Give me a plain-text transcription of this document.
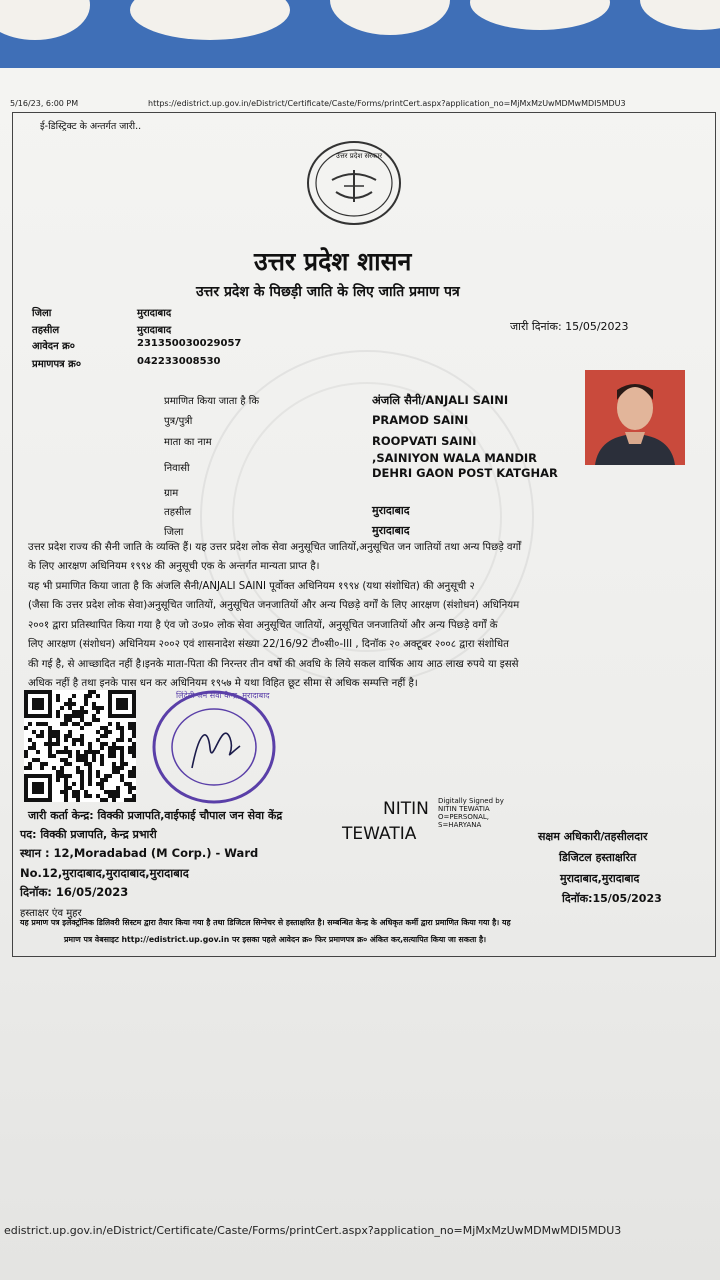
5/16/23, 6:00 PM	https://edistrict.up.gov.in/eDistrict/Certificate/Caste/Forms/printCert.aspx?application_no=MjMxMzUwMDMwMDI5MDU3
ई-डिस्ट्रिक्ट के अन्तर्गत जारी..
उत्तर प्रदेश सरकार
उत्तर प्रदेश शासन
उत्तर प्रदेश के पिछड़ी जाति के लिए जाति प्रमाण पत्र
जिला	मुरादाबाद
तहसील	मुरादाबाद
आवेदन क्र०	231350030029057
प्रमाणपत्र क्र०	042233008530
जारी दिनांक: 15/05/2023
प्रमाणित किया जाता है कि	अंजलि सैनी/ANJALI SAINI
पुत्र/पुत्री	PRAMOD SAINI
माता का नाम	ROOPVATI SAINI
निवासी
,SAINIYON WALA MANDIR
DEHRI GAON POST KATGHAR
ग्राम
तहसील	मुरादाबाद
जिला	मुरादाबाद
उत्तर प्रदेश राज्य की सैनी जाति के व्यक्ति हैं। यह उत्तर प्रदेश लोक सेवा अनुसूचित जातियों,अनुसूचित जन जातियों तथा अन्य पिछड़े वर्गों
के लिए आरक्षण अधिनियम १९९४ की अनुसूची एक के अन्तर्गत मान्यता प्राप्त है।
यह भी प्रमाणित किया जाता है कि अंजलि सैनी/ANJALI SAINI पूर्वोक्त अधिनियम १९९४ (यथा संशोधित) की अनुसूची २
(जैसा कि उत्तर प्रदेश लोक सेवा)अनुसूचित जातियों, अनुसूचित जनजातियों और अन्य पिछड़े वर्गों के लिए आरक्षण (संशोधन) अधिनियम
२००१ द्वारा प्रतिस्थापित किया गया है एंव जो उ०प्र० लोक सेवा अनुसूचित जातियों, अनुसूचित जनजातियों और अन्य पिछड़े वर्गों के
लिए आरक्षण (संशोधन) अधिनियम २००२ एवं शासनादेश संख्या 22/16/92 टी०सी०-III , दिनॉक २० अक्टूबर २००८ द्वारा संशोधित
की गई है, से आच्छादित नहीं है।इनके माता-पिता की निरन्तर तीन वर्षो की अवधि के लिये सकल वार्षिक आय आठ लाख रुपये या इससे
अधिक नहीं है तथा इनके पास धन कर अधिनियम १९५७ मे यथा विहित छूट सीमा से अधिक सम्पत्ति नहीं है।
लिंदेगी जन सेवा केन्द्र, मुरादाबाद
जारी कर्ता केन्द्र: विक्की प्रजापति,वाईफाई चौपाल जन सेवा केंद्र
पद: विक्की प्रजापति, केन्द्र प्रभारी
स्थान : 12,Moradabad (M Corp.) - Ward
No.12,मुरादाबाद,मुरादाबाद,मुरादाबाद
दिनॉक: 16/05/2023
हस्ताक्षर एंव मुहर
NITIN
TEWATIA
Digitally Signed by
NITIN TEWATIA
O=PERSONAL,
S=HARYANA
सक्षम अधिकारी/तहसीलदार
डिजिटल हस्ताक्षरित
मुरादाबाद,मुरादाबाद
दिनॉक:15/05/2023
यह प्रमाण पत्र इलेक्ट्रॉनिक डिलिवरी सिस्टम द्वारा तैयार किया गया है तथा डिजिटल सिग्नेचर से हस्ताक्षरित है। सम्बन्धित केन्द्र के अधिकृत कर्मी द्वारा प्रमाणित किया गया है। यह
प्रमाण पत्र वेबसाइट http://edistrict.up.gov.in पर इसका पहले आवेदन क्र० फिर प्रमाणपत्र क्र० अंकित कर,सत्यापित किया जा सकता है।
edistrict.up.gov.in/eDistrict/Certificate/Caste/Forms/printCert.aspx?application_no=MjMxMzUwMDMwMDI5MDU3
